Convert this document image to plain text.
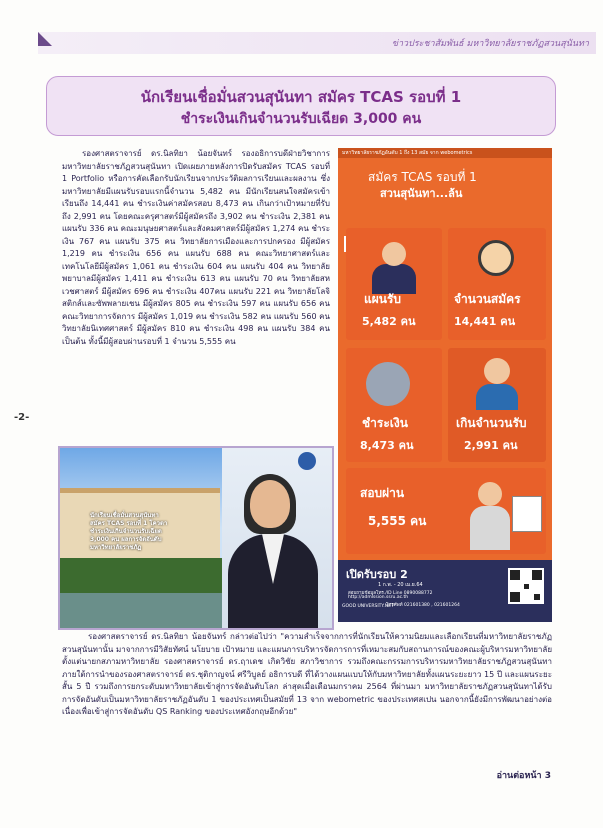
ข่าวประชาสัมพันธ์ มหาวิทยาลัยราชภัฏสวนสุนันทา
นักเรียนเชื่อมั่นสวนสุนันทา สมัคร TCAS รอบที่ 1
ชำระเงินเกินจำนวนรับเฉียด 3,000 คน

รองศาสตราจารย์ ดร.นิลทิยา น้อยจันทร์ รองอธิการบดีฝ่ายวิชาการ มหาวิทยาลัยราชภัฏสวนสุนันทา เปิดเผยภายหลังการปิดรับสมัคร TCAS รอบที่ 1 Portfolio หรือการคัดเลือกรับนักเรียนจากประวัติผลการเรียนและผลงาน ซึ่งมหาวิทยาลัยมีแผนรับรอบแรกนี้จำนวน 5,482 คน มีนักเรียนสนใจสมัครเข้าเรียนถึง 14,441 คน ชำระเงินค่าสมัครสอบ 8,473 คน เกินกว่าเป้าหมายที่รับถึง 2,991 คน โดยคณะครุศาสตร์มีผู้สมัครถึง 3,902 คน ชำระเงิน 2,381 คน แผนรับ 336 คน คณะมนุษยศาสตร์และสังคมศาสตร์มีผู้สมัคร 1,274 คน ชำระเงิน 767 คน แผนรับ 375 คน วิทยาลัยการเมืองและการปกครอง มีผู้สมัคร 1,219 คน ชำระเงิน 656 คน แผนรับ 688 คน คณะวิทยาศาสตร์และเทคโนโลยีมีผู้สมัคร 1,061 คน ชำระเงิน 604 คน แผนรับ 404 คน วิทยาลัยพยาบาลมีผู้สมัคร 1,411 คน ชำระเงิน 613 คน แผนรับ 70 คน วิทยาลัยสหเวชศาสตร์ มีผู้สมัคร 696 คน ชำระเงิน 407คน แผนรับ 221 คน วิทยาลัยโลจิสติกส์และซัพพลายเชน มีผู้สมัคร 805 คน ชำระเงิน 597 คน แผนรับ 656 คน คณะวิทยาการจัดการ มีผู้สมัคร 1,019 คน ชำระเงิน 582 คน แผนรับ 560 คน วิทยาลัยนิเทศศาสตร์ มีผู้สมัคร 810 คน ชำระเงิน 498 คน แผนรับ 384 คน เป็นต้น ทั้งนี้มีผู้สอบผ่านรอบที่ 1 จำนวน 5,555 คน

-2-
นักเรียนเชื่อมั่นสวนสุนันทา
สมัคร TCAS รอบที่ 1 โควตา
ชำระเงินเกินจำนวนรับเฉียด
3,000 คน ผลการจัดอันดับ
มหาวิทยาลัยราชภัฏ
มหาวิทยาลัยราชภัฏอันดับ 1 ถึง 13 สมัย จาก webometrics
สมัคร TCAS รอบที่ 1
สวนสุนันทา...ล้น
แผนรับ
5,482 คน
จำนวนสมัคร
14,441 คน
ชำระเงิน
8,473 คน
เกินจำนวนรับ
2,991 คน
สอบผ่าน
5,555 คน
เปิดรับรอบ 2
1 ก.พ. - 20 เม.ย.64
สอบถามข้อมูลโทร./ID Line 0890088772
http://admission.ssru.ac.th
โทรศัพท์ 021601380 , 021601264
GOOD UNIVERSITY.NET

รองศาสตราจารย์ ดร.นิลทิยา น้อยจันทร์ กล่าวต่อไปว่า "ความสำเร็จจากการที่นักเรียนให้ความนิยมและเลือกเรียนที่มหาวิทยาลัยราชภัฏสวนสุนันทานั้น มาจากการมีวิสัยทัศน์ นโยบาย เป้าหมาย และแผนการบริหารจัดการการที่เหมาะสมกับสถานการณ์ของคณะผู้บริหารมหาวิทยาลัย ตั้งแต่นายกสภามหาวิทยาลัย รองศาสตราจารย์ ดร.ฤาเดช เกิดวิชัย สภาวิชาการ รวมถึงคณะกรรมการบริหารมหาวิทยาลัยราชภัฏสวนสุนันทา ภายใต้การนำของรองศาสตราจารย์ ดร.ชุติกาญจน์ ศรีวิบูลย์ อธิการบดี ที่ได้วางแผนแบบให้กับมหาวิทยาลัยทั้งแผนระยะยาว 15 ปี และแผนระยะสั้น 5 ปี รวมถึงการยกระดับมหาวิทยาลัยเข้าสู่การจัดอันดับโลก ล่าสุดเมื่อเดือนมกราคม 2564 ที่ผ่านมา มหาวิทยาลัยราชภัฏสวนสุนันทาได้รับการจัดอันดับเป็นมหาวิทยาลัยราชภัฏอันดับ 1 ของประเทศเป็นสมัยที่ 13 จาก webometric ของประเทศสเปน นอกจากนี้ยังมีการพัฒนาอย่างต่อเนื่องเพื่อเข้าสู่การจัดอันดับ QS Ranking ของประเทศอังกฤษอีกด้วย"

อ่านต่อหน้า 3
